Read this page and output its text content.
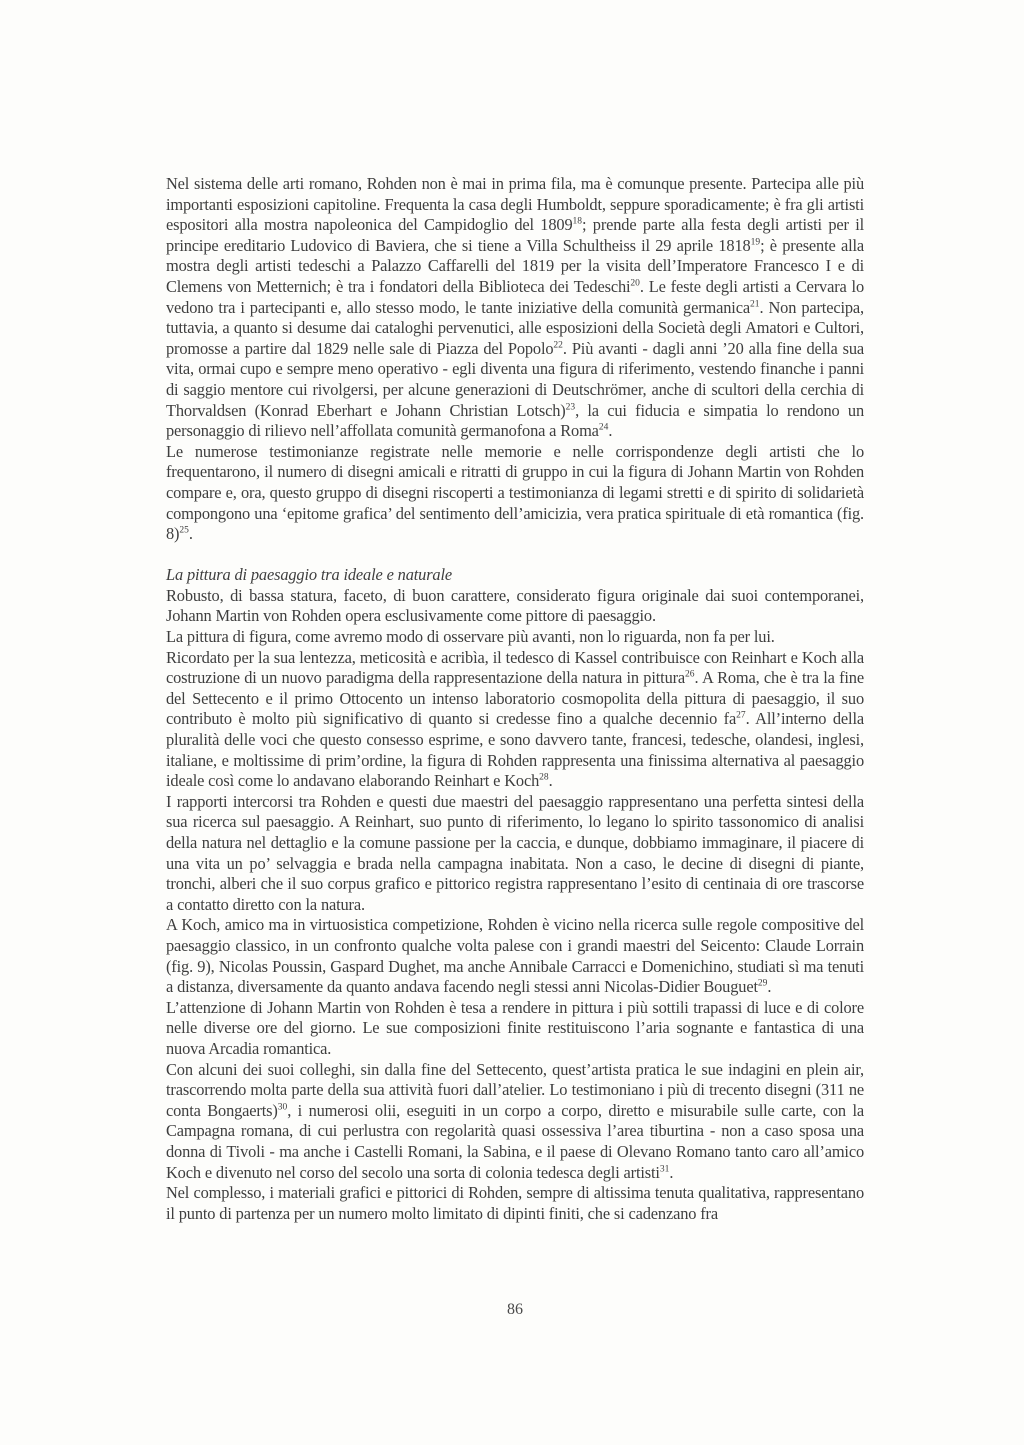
Nel sistema delle arti romano, Rohden non è mai in prima fila, ma è comunque presente. Partecipa alle più importanti esposizioni capitoline. Frequenta la casa degli Humboldt, seppure sporadicamente; è fra gli artisti espositori alla mostra napoleonica del Campidoglio del 1809$^{18}$; prende parte alla festa degli artisti per il principe ereditario Ludovico di Baviera, che si tiene a Villa Schultheiss il 29 aprile 1818$^{19}$; è presente alla mostra degli artisti tedeschi a Palazzo Caffarelli del 1819 per la visita dell’Imperatore Francesco I e di Clemens von Metternich; è tra i fondatori della Biblioteca dei Tedeschi$^{20}$. Le feste degli artisti a Cervara lo vedono tra i partecipanti e, allo stesso modo, le tante iniziative della comunità germanica$^{21}$. Non partecipa, tuttavia, a quanto si desume dai cataloghi pervenutici, alle esposizioni della Società degli Amatori e Cultori, promosse a partire dal 1829 nelle sale di Piazza del Popolo$^{22}$. Più avanti - dagli anni ’20 alla fine della sua vita, ormai cupo e sempre meno operativo - egli diventa una figura di riferimento, vestendo finanche i panni di saggio mentore cui rivolgersi, per alcune generazioni di Deutschrömer, anche di scultori della cerchia di Thorvaldsen (Konrad Eberhart e Johann Christian Lotsch)$^{23}$, la cui fiducia e simpatia lo rendono un personaggio di rilievo nell’affollata comunità germanofona a Roma$^{24}$.

Le numerose testimonianze registrate nelle memorie e nelle corrispondenze degli artisti che lo frequentarono, il numero di disegni amicali e ritratti di gruppo in cui la figura di Johann Martin von Rohden compare e, ora, questo gruppo di disegni riscoperti a testimonianza di legami stretti e di spirito di solidarietà compongono una ‘epitome grafica’ del sentimento dell’amicizia, vera pratica spirituale di età romantica (fig. 8)$^{25}$.

La pittura di paesaggio tra ideale e naturale

Robusto, di bassa statura, faceto, di buon carattere, considerato figura originale dai suoi contemporanei, Johann Martin von Rohden opera esclusivamente come pittore di paesaggio.

La pittura di figura, come avremo modo di osservare più avanti, non lo riguarda, non fa per lui.

Ricordato per la sua lentezza, meticosità e acribìa, il tedesco di Kassel contribuisce con Reinhart e Koch alla costruzione di un nuovo paradigma della rappresentazione della natura in pittura$^{26}$. A Roma, che è tra la fine del Settecento e il primo Ottocento un intenso laboratorio cosmopolita della pittura di paesaggio, il suo contributo è molto più significativo di quanto si credesse fino a qualche decennio $fa^{27}$. All’interno della pluralità delle voci che questo consesso esprime, e sono davvero tante, francesi, tedesche, olandesi, inglesi, italiane, e moltissime di prim’ordine, la figura di Rohden rappresenta una finissima alternativa al paesaggio ideale così come lo andavano elaborando Reinhart e Koch$^{28}$.

I rapporti intercorsi tra Rohden e questi due maestri del paesaggio rappresentano una perfetta sintesi della sua ricerca sul paesaggio. A Reinhart, suo punto di riferimento, lo legano lo spirito tassonomico di analisi della natura nel dettaglio e la comune passione per la caccia, e dunque, dobbiamo immaginare, il piacere di una vita un po’ selvaggia e brada nella campagna inabitata. Non a caso, le decine di disegni di piante, tronchi, alberi che il suo corpus grafico e pittorico registra rappresentano l’esito di centinaia di ore trascorse a contatto diretto con la natura.

A Koch, amico ma in virtuosistica competizione, Rohden è vicino nella ricerca sulle regole compositive del paesaggio classico, in un confronto qualche volta palese con i grandi maestri del Seicento: Claude Lorrain (fig. 9), Nicolas Poussin, Gaspard Dughet, ma anche Annibale Carracci e Domenichino, studiati sì ma tenuti a distanza, diversamente da quanto andava facendo negli stessi anni Nicolas-Didier Bouguet$^{29}$.

L’attenzione di Johann Martin von Rohden è tesa a rendere in pittura i più sottili trapassi di luce e di colore nelle diverse ore del giorno. Le sue composizioni finite restituiscono l’aria sognante e fantastica di una nuova Arcadia romantica.

Con alcuni dei suoi colleghi, sin dalla fine del Settecento, quest’artista pratica le sue indagini en plein air, trascorrendo molta parte della sua attività fuori dall’atelier. Lo testimoniano i più di trecento disegni (311 ne conta Bongaerts)$^{30}$, i numerosi olii, eseguiti in un corpo a corpo, diretto e misurabile sulle carte, con la Campagna romana, di cui perlustra con regolarità quasi ossessiva l’area tiburtina - non a caso sposa una donna di Tivoli - ma anche i Castelli Romani, la Sabina, e il paese di Olevano Romano tanto caro all’amico Koch e divenuto nel corso del secolo una sorta di colonia tedesca degli artisti$^{31}$.

Nel complesso, i materiali grafici e pittorici di Rohden, sempre di altissima tenuta qualitativa, rappresentano il punto di partenza per un numero molto limitato di dipinti finiti, che si cadenzano fra

86
